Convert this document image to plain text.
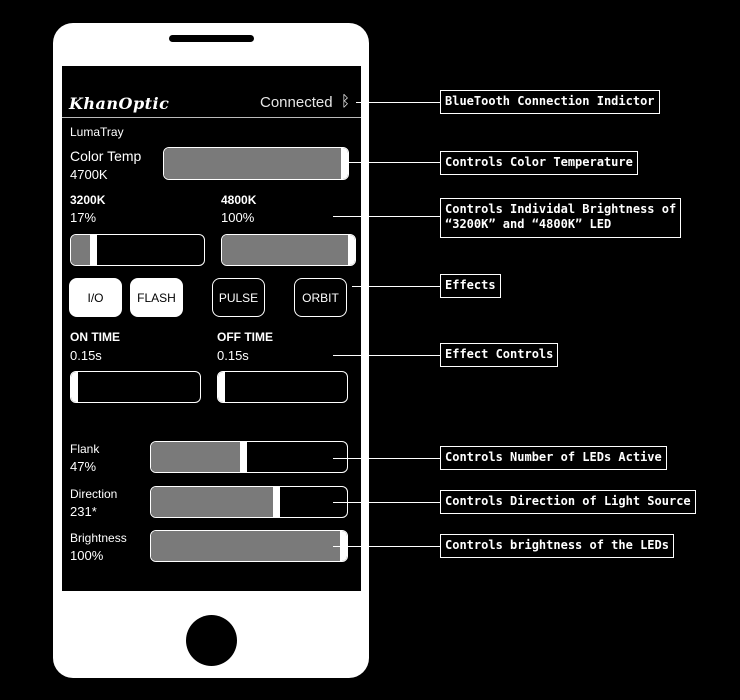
KhanOptic	Connected ᛒ
LumaTray
Color Temp
4700K
3200K
17%
4800K
100%
I/O	FLASH	PULSE	ORBIT
ON TIME
0.15s
OFF TIME
0.15s
Flank
47%
Direction
231*
Brightness
100%
BlueTooth Connection Indictor
Controls Color Temperature
Controls Individal Brightness of
“3200K” and “4800K” LED
Effects
Effect Controls
Controls Number of LEDs Active
Controls Direction of Light Source
Controls brightness of the LEDs
